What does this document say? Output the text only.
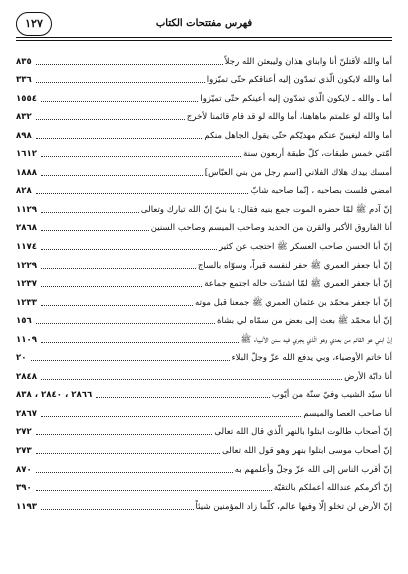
١٢٧	فهرس مفتتحات الكتاب
أما والله لأقتلنّ أنا وابناي هذان وليبعثن الله رجلاً
٨٣٥
أما والله لايكون الّذي تمدّون إليه أعناقكم حتّى تميّزوا
٣٣٦
أما ـ والله ـ لايكون الّذي تمدّون إليه أعينكم حتّى تميّزوا
١٥٥٤
أما والله لو علمتم ماهاهنا، أما والله لو قد قام قائمنا لأخرج
٨٣٢
أما والله ليغيبنّ عنكم مهديّكم حتّى يقول الجاهل منكم
٨٩٨
أمّتي خمس طبقات، كلّ طبقة أربعون سنة
١٦١٢
أمسك بيدك هلاك الفلاني [اسم رجل من بني العبّاس]
١٨٨٨
امضي فلست بصاحبه ، إنّما صاحبه شابّ
٨٢٨
إنّ آدم ﷺ لمّا حضره الموت جمع بنيه فقال: يا بنيّ إنّ الله تبارك وتعالى
١١٢٩
أنا الفاروق الأكبر والقرن من الحديد وصاحب الميسم وصاحب السنين
٢٨٦٨
إنّ أبا الحسن صاحب العسكر ﷺ احتجب عن كثير
١١٧٤
إنّ أبا جعفر العمري ﷺ حفر لنفسه قبراً، وسوّاه بالساج
١٢٢٩
إنّ أبا جعفر العمري ﷺ لمّا اشتدّت حاله اجتمع جماعة
١٢٣٧
إنّ أبا جعفر محمّد بن عثمان العمري ﷺ جمعنا قبل موته
١٢٣٣
إنّ أبا محمّد ﷺ بعث إلى بعض من سمّاه لي بشاة
١٥٦
إنّ ابني هو القائم من بعدي وهو الّذي يجري فيه سنن الأنبياء ﷺ
١١٠٩
أنا خاتم الأوصياء، وبي يدفع الله عزّ وجلّ البلاء
٢٠
أنا دابّة الأرض
٢٨٤٨
أنا سيّد الشيب وفيّ سنّة من أيّوب
٢٨٦٦ ، ٢٨٤٠ ، ٨٣٨
أنا صاحب العصا والميسم
٢٨٦٧
إنّ أصحاب طالوت ابتلوا بالنهر الّذي قال الله تعالى
٢٧٢
إنّ أصحاب موسى ابتلوا بنهر وهو قول الله تعالى
٢٧٣
إنّ أقرب الناس إلى الله عزّ وجلّ وأعلمهم به
٨٧٠
إنّ أكرمكم عندالله أعملكم بالتقيّة
٣٩٠
إنّ الأرض لن تخلو إلّا وفيها عالم، كلّما زاد المؤمنين شيئاً
١١٩٣
